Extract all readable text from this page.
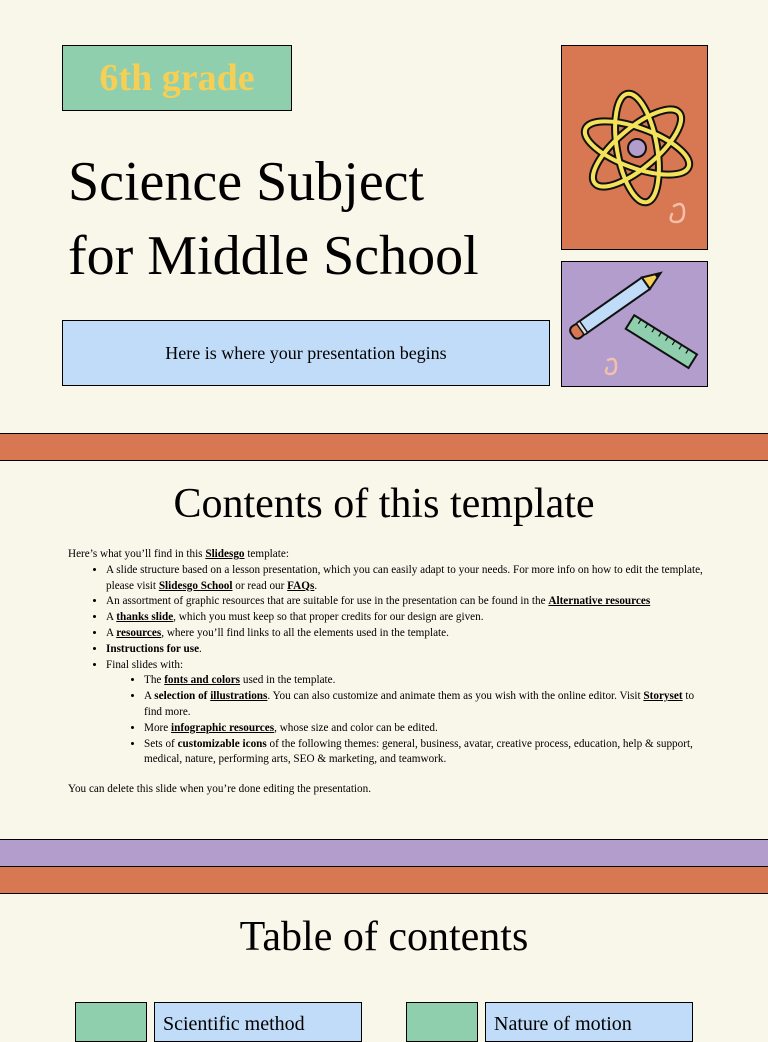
6th grade
Science Subject
for Middle School
Here is where your presentation begins
Contents of this template

Here’s what you’ll find in this Slidesgo template:

• A slide structure based on a lesson presentation, which you can easily adapt to your needs. For more info on how to edit the template, please visit Slidesgo School or read our FAQs.
• An assortment of graphic resources that are suitable for use in the presentation can be found in the Alternative resources
• A thanks slide, which you must keep so that proper credits for our design are given.
• A resources, where you’ll find links to all the elements used in the template.
• Instructions for use.
• Final slides with:
• The fonts and colors used in the template.
• A selection of illustrations. You can also customize and animate them as you wish with the online editor. Visit Storyset to find more.
• More infographic resources, whose size and color can be edited.
• Sets of customizable icons of the following themes: general, business, avatar, creative process, education, help & support, medical, nature, performing arts, SEO & marketing, and teamwork.

You can delete this slide when you’re done editing the presentation.

Table of contents
Scientific method	Nature of motion
